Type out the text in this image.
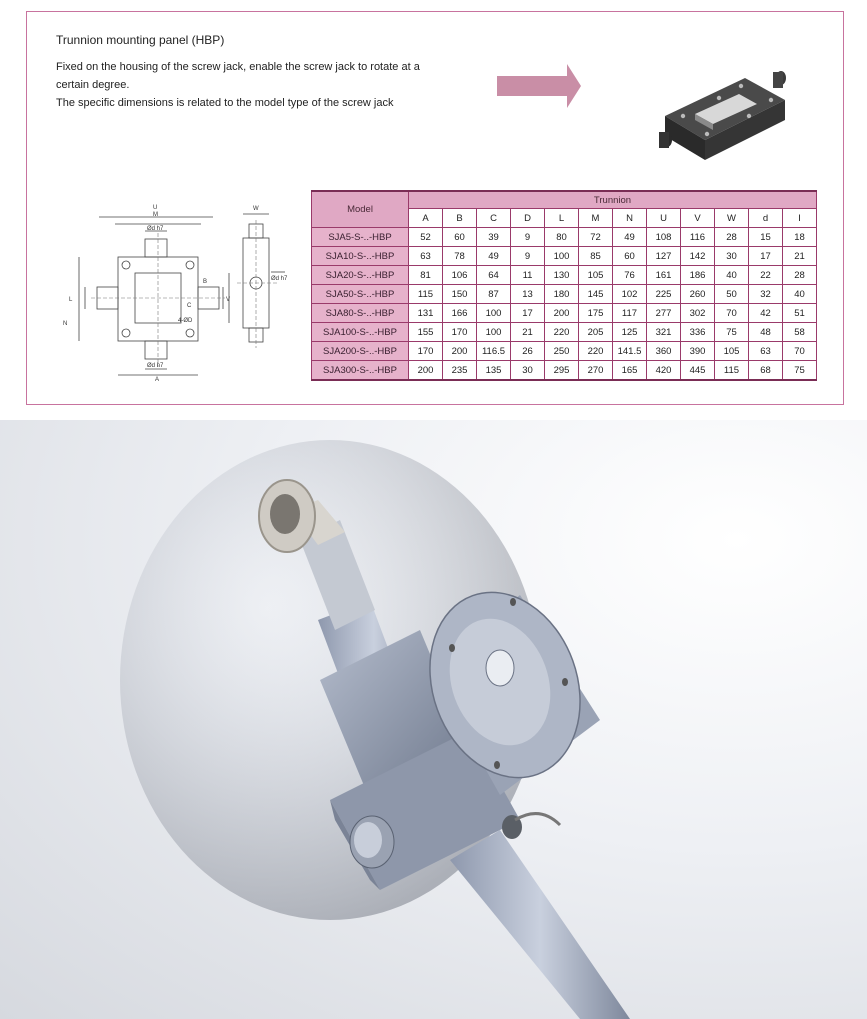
Trunnion mounting panel (HBP)
Fixed on the housing of the screw jack, enable the screw jack to rotate at a
certain degree.
The specific dimensions is related to the model type of the screw jack
U
M
Ød h7
L
N
B
V
C
4-ØD
Ød h7
A
W
Ød h7
Model	Trunnion											
	A	B	C	D	L	M	N	U	V	W	d	I
SJA5-S-..-HBP	52	60	39	9	80	72	49	108	116	28	15	18
SJA10-S-..-HBP	63	78	49	9	100	85	60	127	142	30	17	21
SJA20-S-..-HBP	81	106	64	11	130	105	76	161	186	40	22	28
SJA50-S-..-HBP	115	150	87	13	180	145	102	225	260	50	32	40
SJA80-S-..-HBP	131	166	100	17	200	175	117	277	302	70	42	51
SJA100-S-..-HBP	155	170	100	21	220	205	125	321	336	75	48	58
SJA200-S-..-HBP	170	200	116.5	26	250	220	141.5	360	390	105	63	70
SJA300-S-..-HBP	200	235	135	30	295	270	165	420	445	115	68	75
